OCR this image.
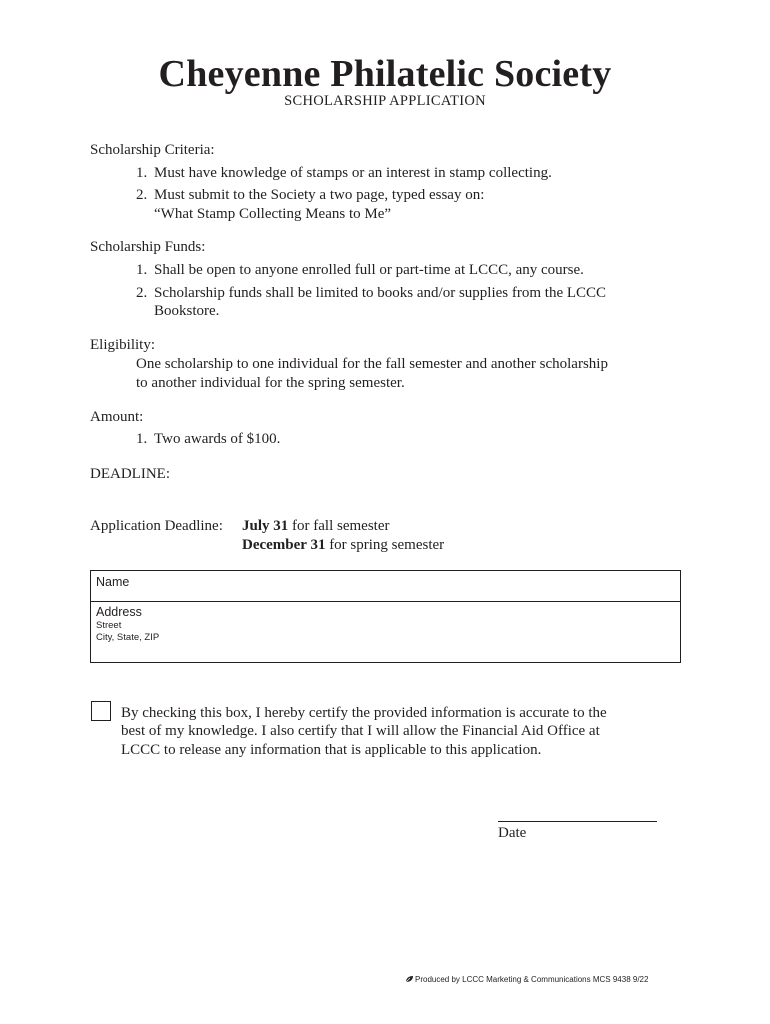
Cheyenne Philatelic Society
SCHOLARSHIP APPLICATION
Scholarship Criteria:
1. Must have knowledge of stamps or an interest in stamp collecting.
2. Must submit to the Society a two page, typed essay on:
“What Stamp Collecting Means to Me”
Scholarship Funds:
1. Shall be open to anyone enrolled full or part-time at LCCC, any course.
2. Scholarship funds shall be limited to books and/or supplies from the LCCC
Bookstore.
Eligibility:
One scholarship to one individual for the fall semester and another scholarship
to another individual for the spring semester.
Amount:
1. Two awards of $100.
DEADLINE:
Application Deadline: July 31 for fall semester
December 31 for spring semester
Name
Address
Street
City, State, ZIP
By checking this box, I hereby certify the provided information is accurate to the
best of my knowledge. I also certify that I will allow the Financial Aid Office at
LCCC to release any information that is applicable to this application.
Date
Produced by LCCC Marketing & Communications MCS 9438 9/22
